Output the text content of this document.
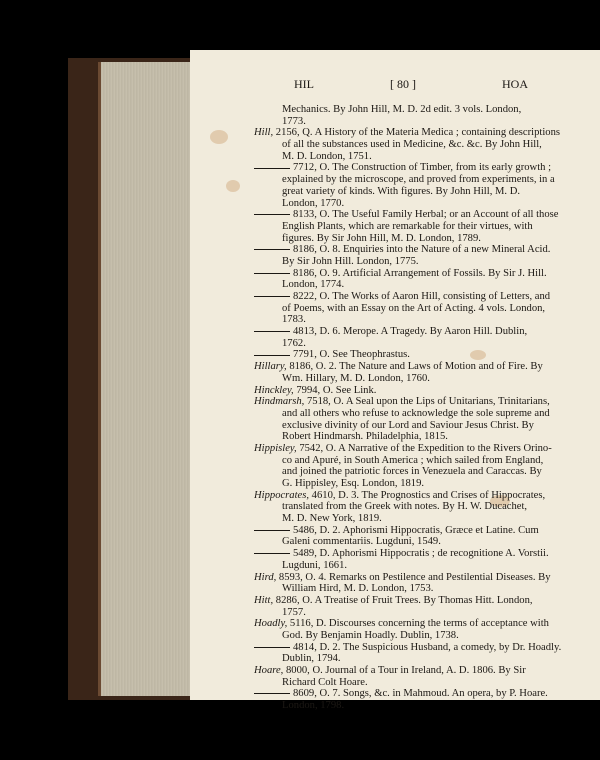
HIL	[ 80 ]	HOA
Mechanics. By John Hill, M. D. 2d edit. 3 vols. London,
1773.
Hill, 2156, Q. A History of the Materia Medica ; containing descriptions
of all the substances used in Medicine, &c. &c. By John Hill,
M. D. London, 1751.
7712, O. The Construction of Timber, from its early growth ;
explained by the microscope, and proved from experiments, in a
great variety of kinds. With figures. By John Hill, M. D.
London, 1770.
8133, O. The Useful Family Herbal; or an Account of all those
English Plants, which are remarkable for their virtues, with
figures. By Sir John Hill, M. D. London, 1789.
8186, O. 8. Enquiries into the Nature of a new Mineral Acid.
By Sir John Hill. London, 1775.
8186, O. 9. Artificial Arrangement of Fossils. By Sir J. Hill.
London, 1774.
8222, O. The Works of Aaron Hill, consisting of Letters, and
of Poems, with an Essay on the Art of Acting. 4 vols. London,
1783.
4813, D. 6. Merope. A Tragedy. By Aaron Hill. Dublin,
1762.
7791, O. See Theophrastus.
Hillary, 8186, O. 2. The Nature and Laws of Motion and of Fire. By
Wm. Hillary, M. D. London, 1760.
Hinckley, 7994, O. See Link.
Hindmarsh, 7518, O. A Seal upon the Lips of Unitarians, Trinitarians,
and all others who refuse to acknowledge the sole supreme and
exclusive divinity of our Lord and Saviour Jesus Christ. By
Robert Hindmarsh. Philadelphia, 1815.
Hippisley, 7542, O. A Narrative of the Expedition to the Rivers Orino-
co and Apuré, in South America ; which sailed from England,
and joined the patriotic forces in Venezuela and Caraccas. By
G. Hippisley, Esq. London, 1819.
Hippocrates, 4610, D. 3. The Prognostics and Crises of Hippocrates,
translated from the Greek with notes. By H. W. Ducachet,
M. D. New York, 1819.
5486, D. 2. Aphorismi Hippocratis, Græce et Latine. Cum
Galeni commentariis. Lugduni, 1549.
5489, D. Aphorismi Hippocratis ; de recognitione A. Vorstii.
Lugduni, 1661.
Hird, 8593, O. 4. Remarks on Pestilence and Pestilential Diseases. By
William Hird, M. D. London, 1753.
Hitt, 8286, O. A Treatise of Fruit Trees. By Thomas Hitt. London,
1757.
Hoadly, 5116, D. Discourses concerning the terms of acceptance with
God. By Benjamin Hoadly. Dublin, 1738.
4814, D. 2. The Suspicious Husband, a comedy, by Dr. Hoadly.
Dublin, 1794.
Hoare, 8000, O. Journal of a Tour in Ireland, A. D. 1806. By Sir
Richard Colt Hoare.
8609, O. 7. Songs, &c. in Mahmoud. An opera, by P. Hoare.
London, 1798.
